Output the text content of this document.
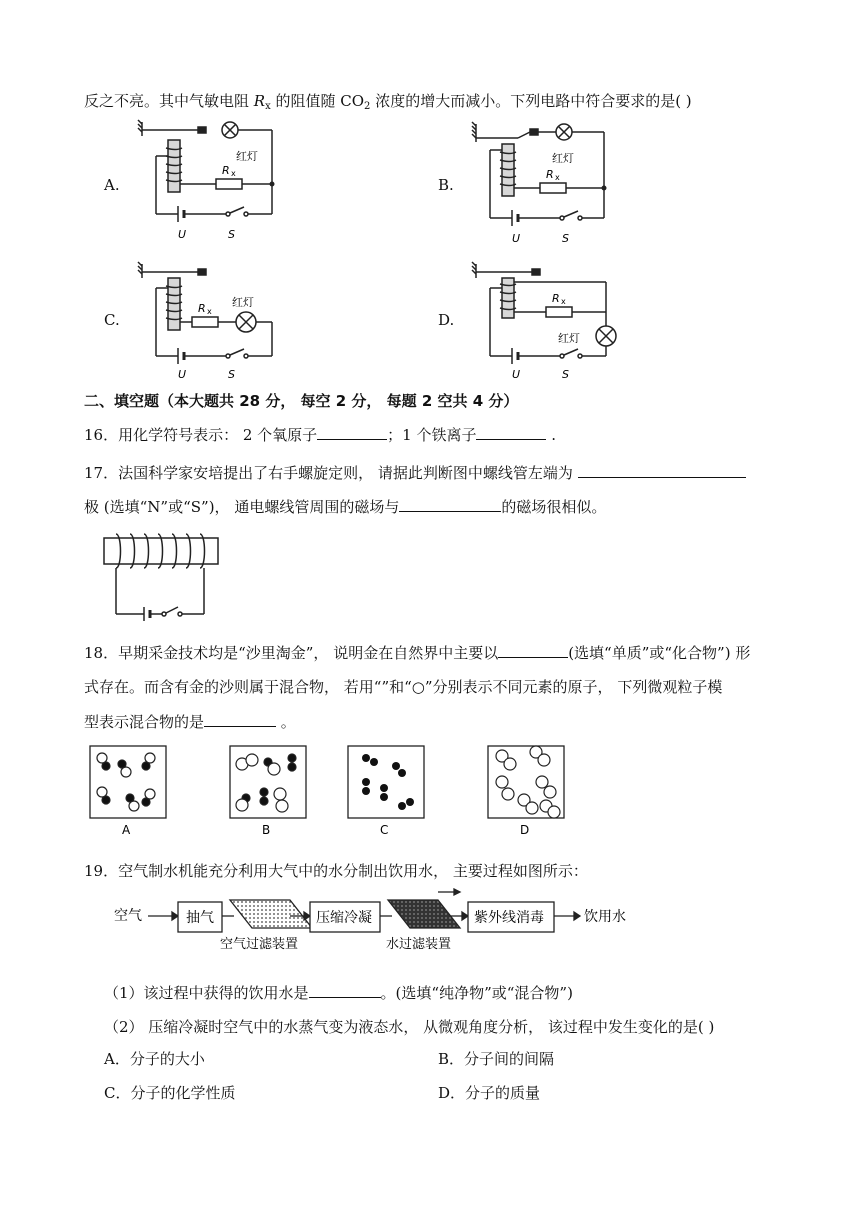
反之不亮。其中气敏电阻 $R_x$ 的阻值随 $CO_2$ 浓度的增大而减小。下列电路中符合要求的是( )
A.	B.
C.	D.
R x
红灯
U	S
R x
红灯
U	S
R x
红灯
U	S
R x
红灯
U	S
二、填空题（本大题共 28 分， 每空 2 分， 每题 2 空共 4 分）
16．用化学符号表示： 2 个氧原子	；1 个铁离子	.
17．法国科学家安培提出了右手螺旋定则， 请据此判断图中螺线管左端为
极 (选填“N”或“S”)， 通电螺线管周围的磁场与	的磁场很相似。
18．早期采金技术均是“沙里淘金”， 说明金在自然界中主要以	(选填“单质”或“化合物”) 形
式存在。而含有金的沙则属于混合物， 若用“”和“○”分别表示不同元素的原子， 下列微观粒子模
型表示混合物的是	。
A	B	C	D
19．空气制水机能充分利用大气中的水分制出饮用水， 主要过程如图所示：
空气	抽气
空气过滤装置
压缩冷凝
水过滤装置
紫外线消毒	饮用水
（1）该过程中获得的饮用水是	。(选填“纯净物”或“混合物”)
（2） 压缩冷凝时空气中的水蒸气变为液态水， 从微观角度分析， 该过程中发生变化的是( )
A．分子的大小	B．分子间的间隔
C．分子的化学性质	D．分子的质量
